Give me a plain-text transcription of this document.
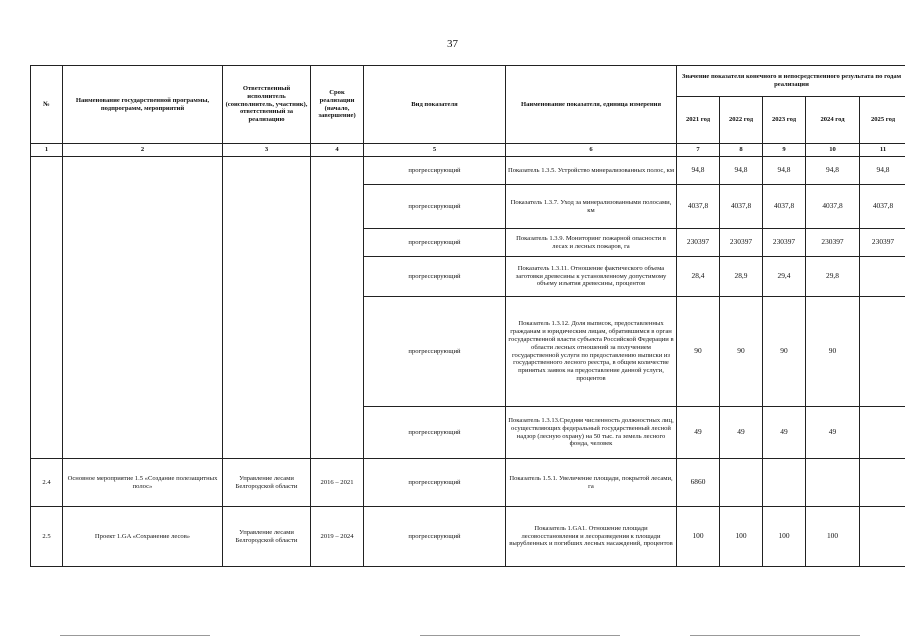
37
№	Наименование государственной программы, подпрограмм, мероприятий	Ответственный исполнитель (соисполнитель, участник), ответственный за реализацию	Срок реализации (начало, завершение)	Вид показателя	Наименование показателя, единица измерения	Значение показателя конечного и непосредственного результата по годам реализации				
						2021 год	2022 год	2023 год	2024 год	2025 год
1	2	3	4	5	6	7	8	9	10	11
				прогрессирующий	Показатель 1.3.5. Устройство минерализованных полос, км	94,8	94,8	94,8	94,8	94,8
				прогрессирующий	Показатель 1.3.7. Уход за минерализованными полосами, км	4037,8	4037,8	4037,8	4037,8	4037,8
				прогрессирующий	Показатель 1.3.9. Мониторинг пожарной опасности в лесах и лесных пожаров, га	230397	230397	230397	230397	230397
				прогрессирующий	Показатель 1.3.11. Отношение фактического объема заготовки древесины к установленному допустимому объему изъятия древесины, процентов	28,4	28,9	29,4	29,8	
				прогрессирующий	Показатель 1.3.12. Доля выписок, предоставленных гражданам и юридическим лицам, обратившимся в орган государственной власти субъекта Российской Федерации в области лесных отношений за получением государственной услуги по предоставлению выписки из государственного лесного реестра, в общем количестве принятых заявок на предоставление данной услуги, процентов	90	90	90	90	
				прогрессирующий	Показатель 1.3.13.Средняя численность должностных лиц, осуществляющих федеральный государственный лесной надзор (лесную охрану) на 50 тыс. га земель лесного фонда, человек	49	49	49	49	
2.4	Основное мероприятие 1.5 «Создание полезащитных полос»	Управление лесами Белгородской области	2016 – 2021	прогрессирующий	Показатель 1.5.1. Увеличение площади, покрытой лесами, га	6860				
2.5	Проект 1.GA «Сохранение лесов»	Управление лесами Белгородской области	2019 – 2024	прогрессирующий	Показатель 1.GA1. Отношение площади лесовосстановления и лесоразведения к площади вырубленных и погибших лесных насаждений, процентов	100	100	100	100	
